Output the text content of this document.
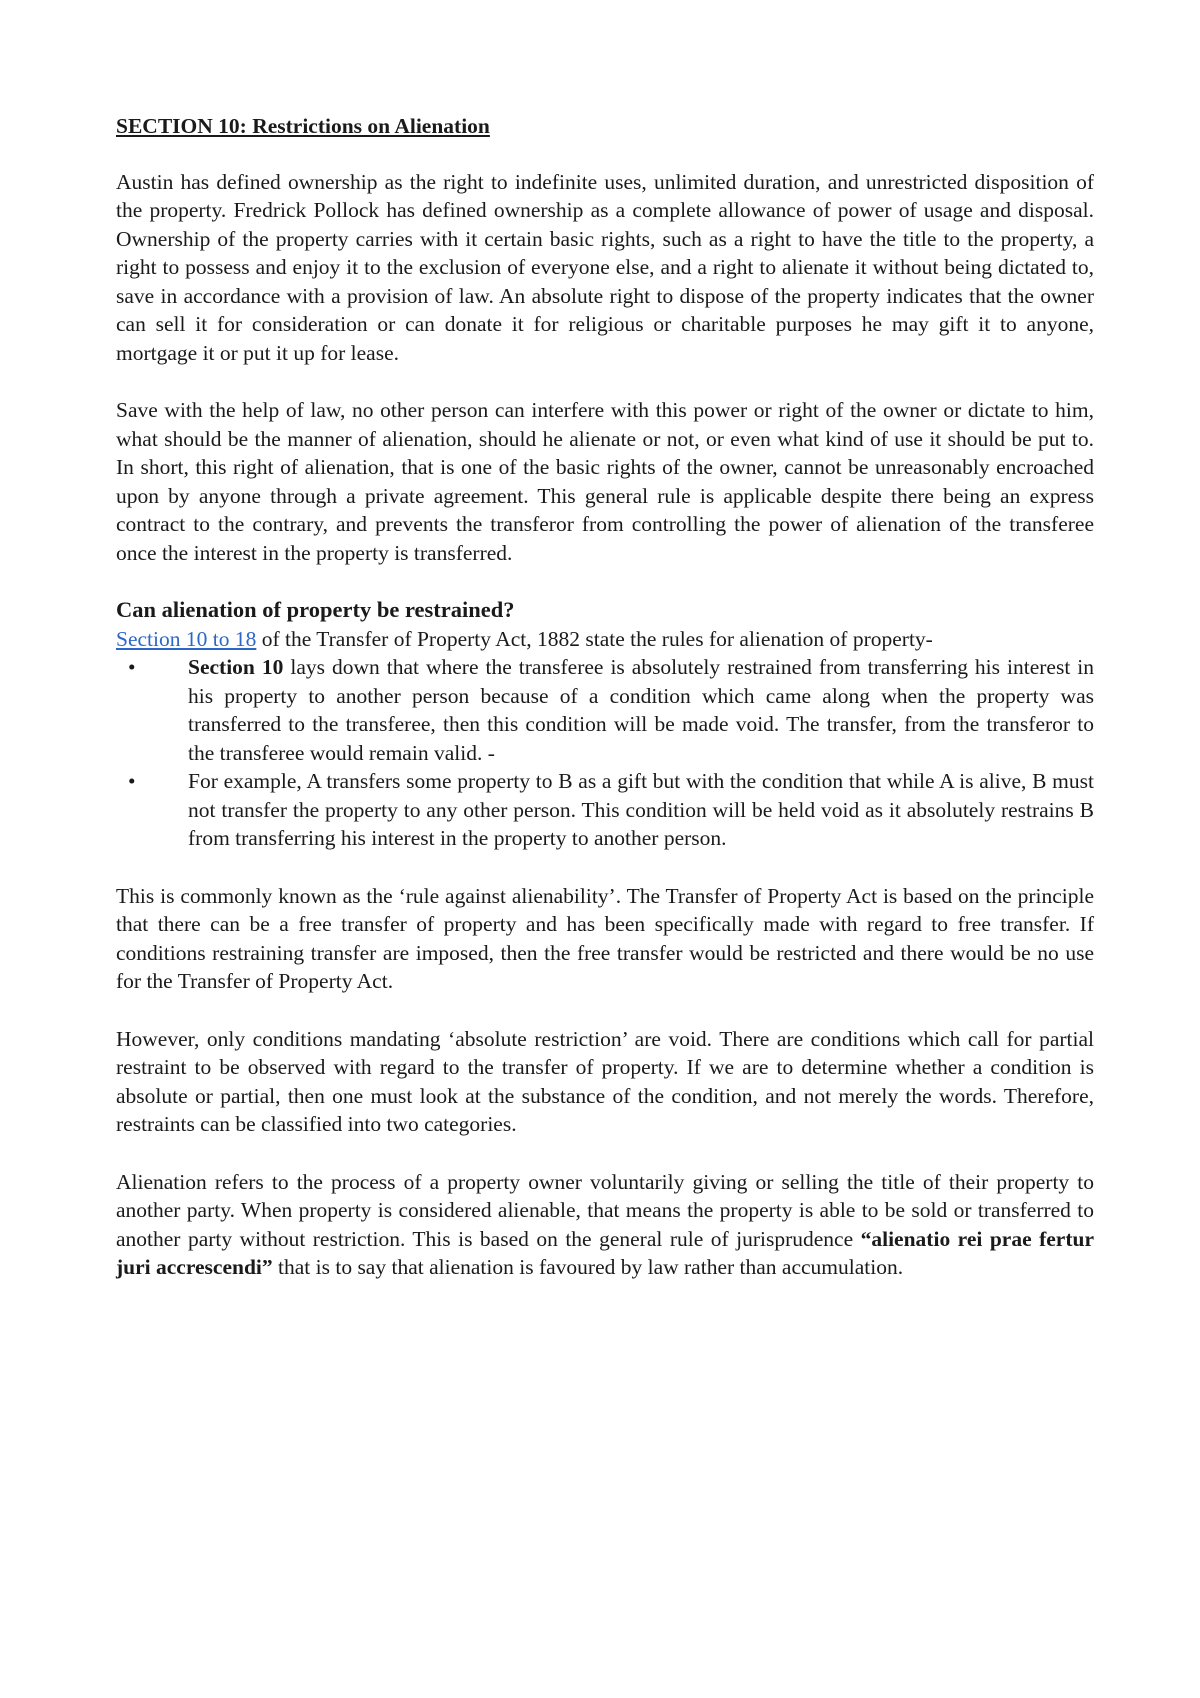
SECTION 10: Restrictions on Alienation

Austin has defined ownership as the right to indefinite uses, unlimited duration, and unrestricted disposition of the property. Fredrick Pollock has defined ownership as a complete allowance of power of usage and disposal. Ownership of the property carries with it certain basic rights, such as a right to have the title to the property, a right to possess and enjoy it to the exclusion of everyone else, and a right to alienate it without being dictated to, save in accordance with a provision of law. An absolute right to dispose of the property indicates that the owner can sell it for consideration or can donate it for religious or charitable purposes he may gift it to anyone, mortgage it or put it up for lease.

Save with the help of law, no other person can interfere with this power or right of the owner or dictate to him, what should be the manner of alienation, should he alienate or not, or even what kind of use it should be put to. In short, this right of alienation, that is one of the basic rights of the owner, cannot be unreasonably encroached upon by anyone through a private agreement. This general rule is applicable despite there being an express contract to the contrary, and prevents the transferor from controlling the power of alienation of the transferee once the interest in the property is transferred.

Can alienation of property be restrained?
Section 10 to 18 of the Transfer of Property Act, 1882 state the rules for alienation of property-
• Section 10 lays down that where the transferee is absolutely restrained from transferring his interest in his property to another person because of a condition which came along when the property was transferred to the transferee, then this condition will be made void. The transfer, from the transferor to the transferee would remain valid. -
• For example, A transfers some property to B as a gift but with the condition that while A is alive, B must not transfer the property to any other person. This condition will be held void as it absolutely restrains B from transferring his interest in the property to another person.

This is commonly known as the ‘rule against alienability’. The Transfer of Property Act is based on the principle that there can be a free transfer of property and has been specifically made with regard to free transfer. If conditions restraining transfer are imposed, then the free transfer would be restricted and there would be no use for the Transfer of Property Act.

However, only conditions mandating ‘absolute restriction’ are void. There are conditions which call for partial restraint to be observed with regard to the transfer of property. If we are to determine whether a condition is absolute or partial, then one must look at the substance of the condition, and not merely the words. Therefore, restraints can be classified into two categories.

Alienation refers to the process of a property owner voluntarily giving or selling the title of their property to another party. When property is considered alienable, that means the property is able to be sold or transferred to another party without restriction. This is based on the general rule of jurisprudence “alienatio rei prae fertur juri accrescendi” that is to say that alienation is favoured by law rather than accumulation.
